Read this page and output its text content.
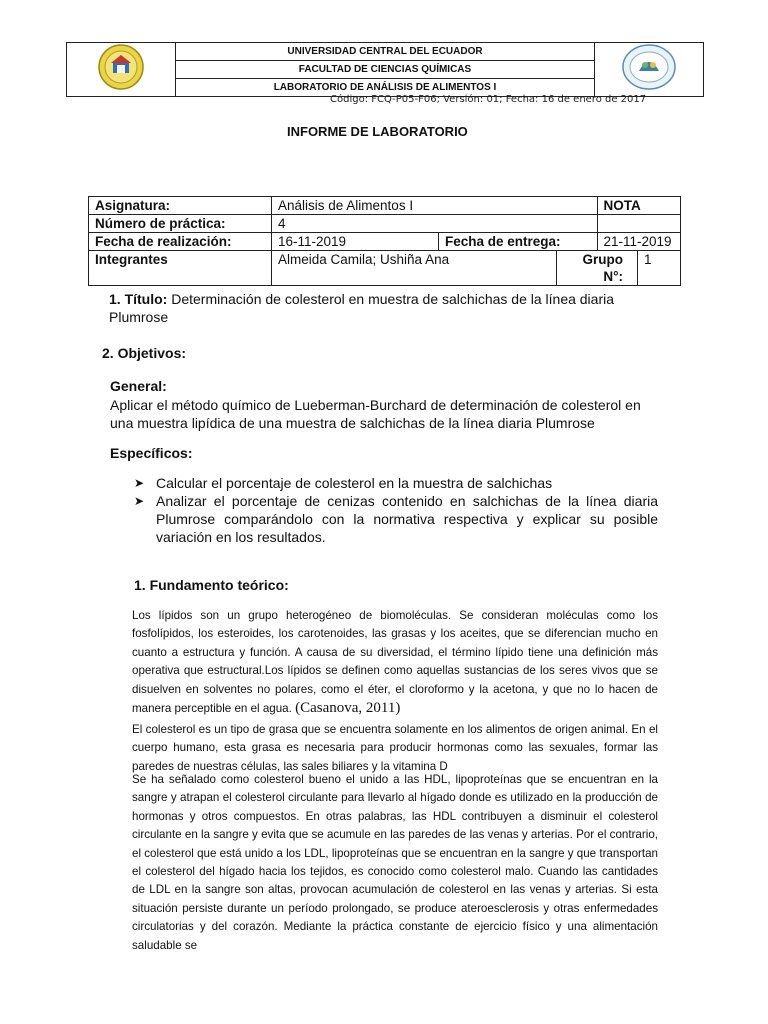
	UNIVERSIDAD CENTRAL DEL ECUADOR	
FACULTAD DE CIENCIAS QUÍMICAS
LABORATORIO DE ANÁLISIS DE ALIMENTOS I
Código: FCQ-P05-F06; Versión: 01; Fecha: 16 de enero de 2017
INFORME DE LABORATORIO
Asignatura:	Análisis de Alimentos I			NOTA	
Número de práctica:	4				
Fecha de realización:	16-11-2019	Fecha de entrega:		21-11-2019	
Integrantes	Almeida Camila; Ushiña Ana		Grupo N°:		1
1. Título: Determinación de colesterol en muestra de salchichas de la línea diaria
Plumrose
2. Objetivos:
General:
Aplicar el método químico de Lueberman-Burchard de determinación de colesterol en
una muestra lipídica de una muestra de salchichas de la línea diaria Plumrose
Específicos:
➤ Calcular el porcentaje de colesterol en la muestra de salchichas
➤ Analizar el porcentaje de cenizas contenido en salchichas de la línea diaria Plumrose comparándolo con la normativa respectiva y explicar su posible variación en los resultados.
1. Fundamento teórico:
Los lípidos son un grupo heterogéneo de biomoléculas. Se consideran moléculas como los fosfolípidos, los esteroides, los carotenoides, las grasas y los aceites, que se diferencian mucho en cuanto a estructura y función. A causa de su diversidad, el término lípido tiene una definición más operativa que estructural.Los lípidos se definen como aquellas sustancias de los seres vivos que se disuelven en solventes no polares, como el éter, el cloroformo y la acetona, y que no lo hacen de manera perceptible en el agua. (Casanova, 2011)
El colesterol es un tipo de grasa que se encuentra solamente en los alimentos de origen animal. En el cuerpo humano, esta grasa es necesaria para producir hormonas como las sexuales, formar las paredes de nuestras células, las sales biliares y la vitamina D
Se ha señalado como colesterol bueno el unido a las HDL, lipoproteínas que se encuentran en la sangre y atrapan el colesterol circulante para llevarlo al hígado donde es utilizado en la producción de hormonas y otros compuestos. En otras palabras, las HDL contribuyen a disminuir el colesterol circulante en la sangre y evita que se acumule en las paredes de las venas y arterias. Por el contrario, el colesterol que está unido a los LDL, lipoproteínas que se encuentran en la sangre y que transportan el colesterol del hígado hacia los tejidos, es conocido como colesterol malo. Cuando las cantidades de LDL en la sangre son altas, provocan acumulación de colesterol en las venas y arterias. Si esta situación persiste durante un período prolongado, se produce ateroesclerosis y otras enfermedades circulatorias y del corazón. Mediante la práctica constante de ejercicio físico y una alimentación saludable se
